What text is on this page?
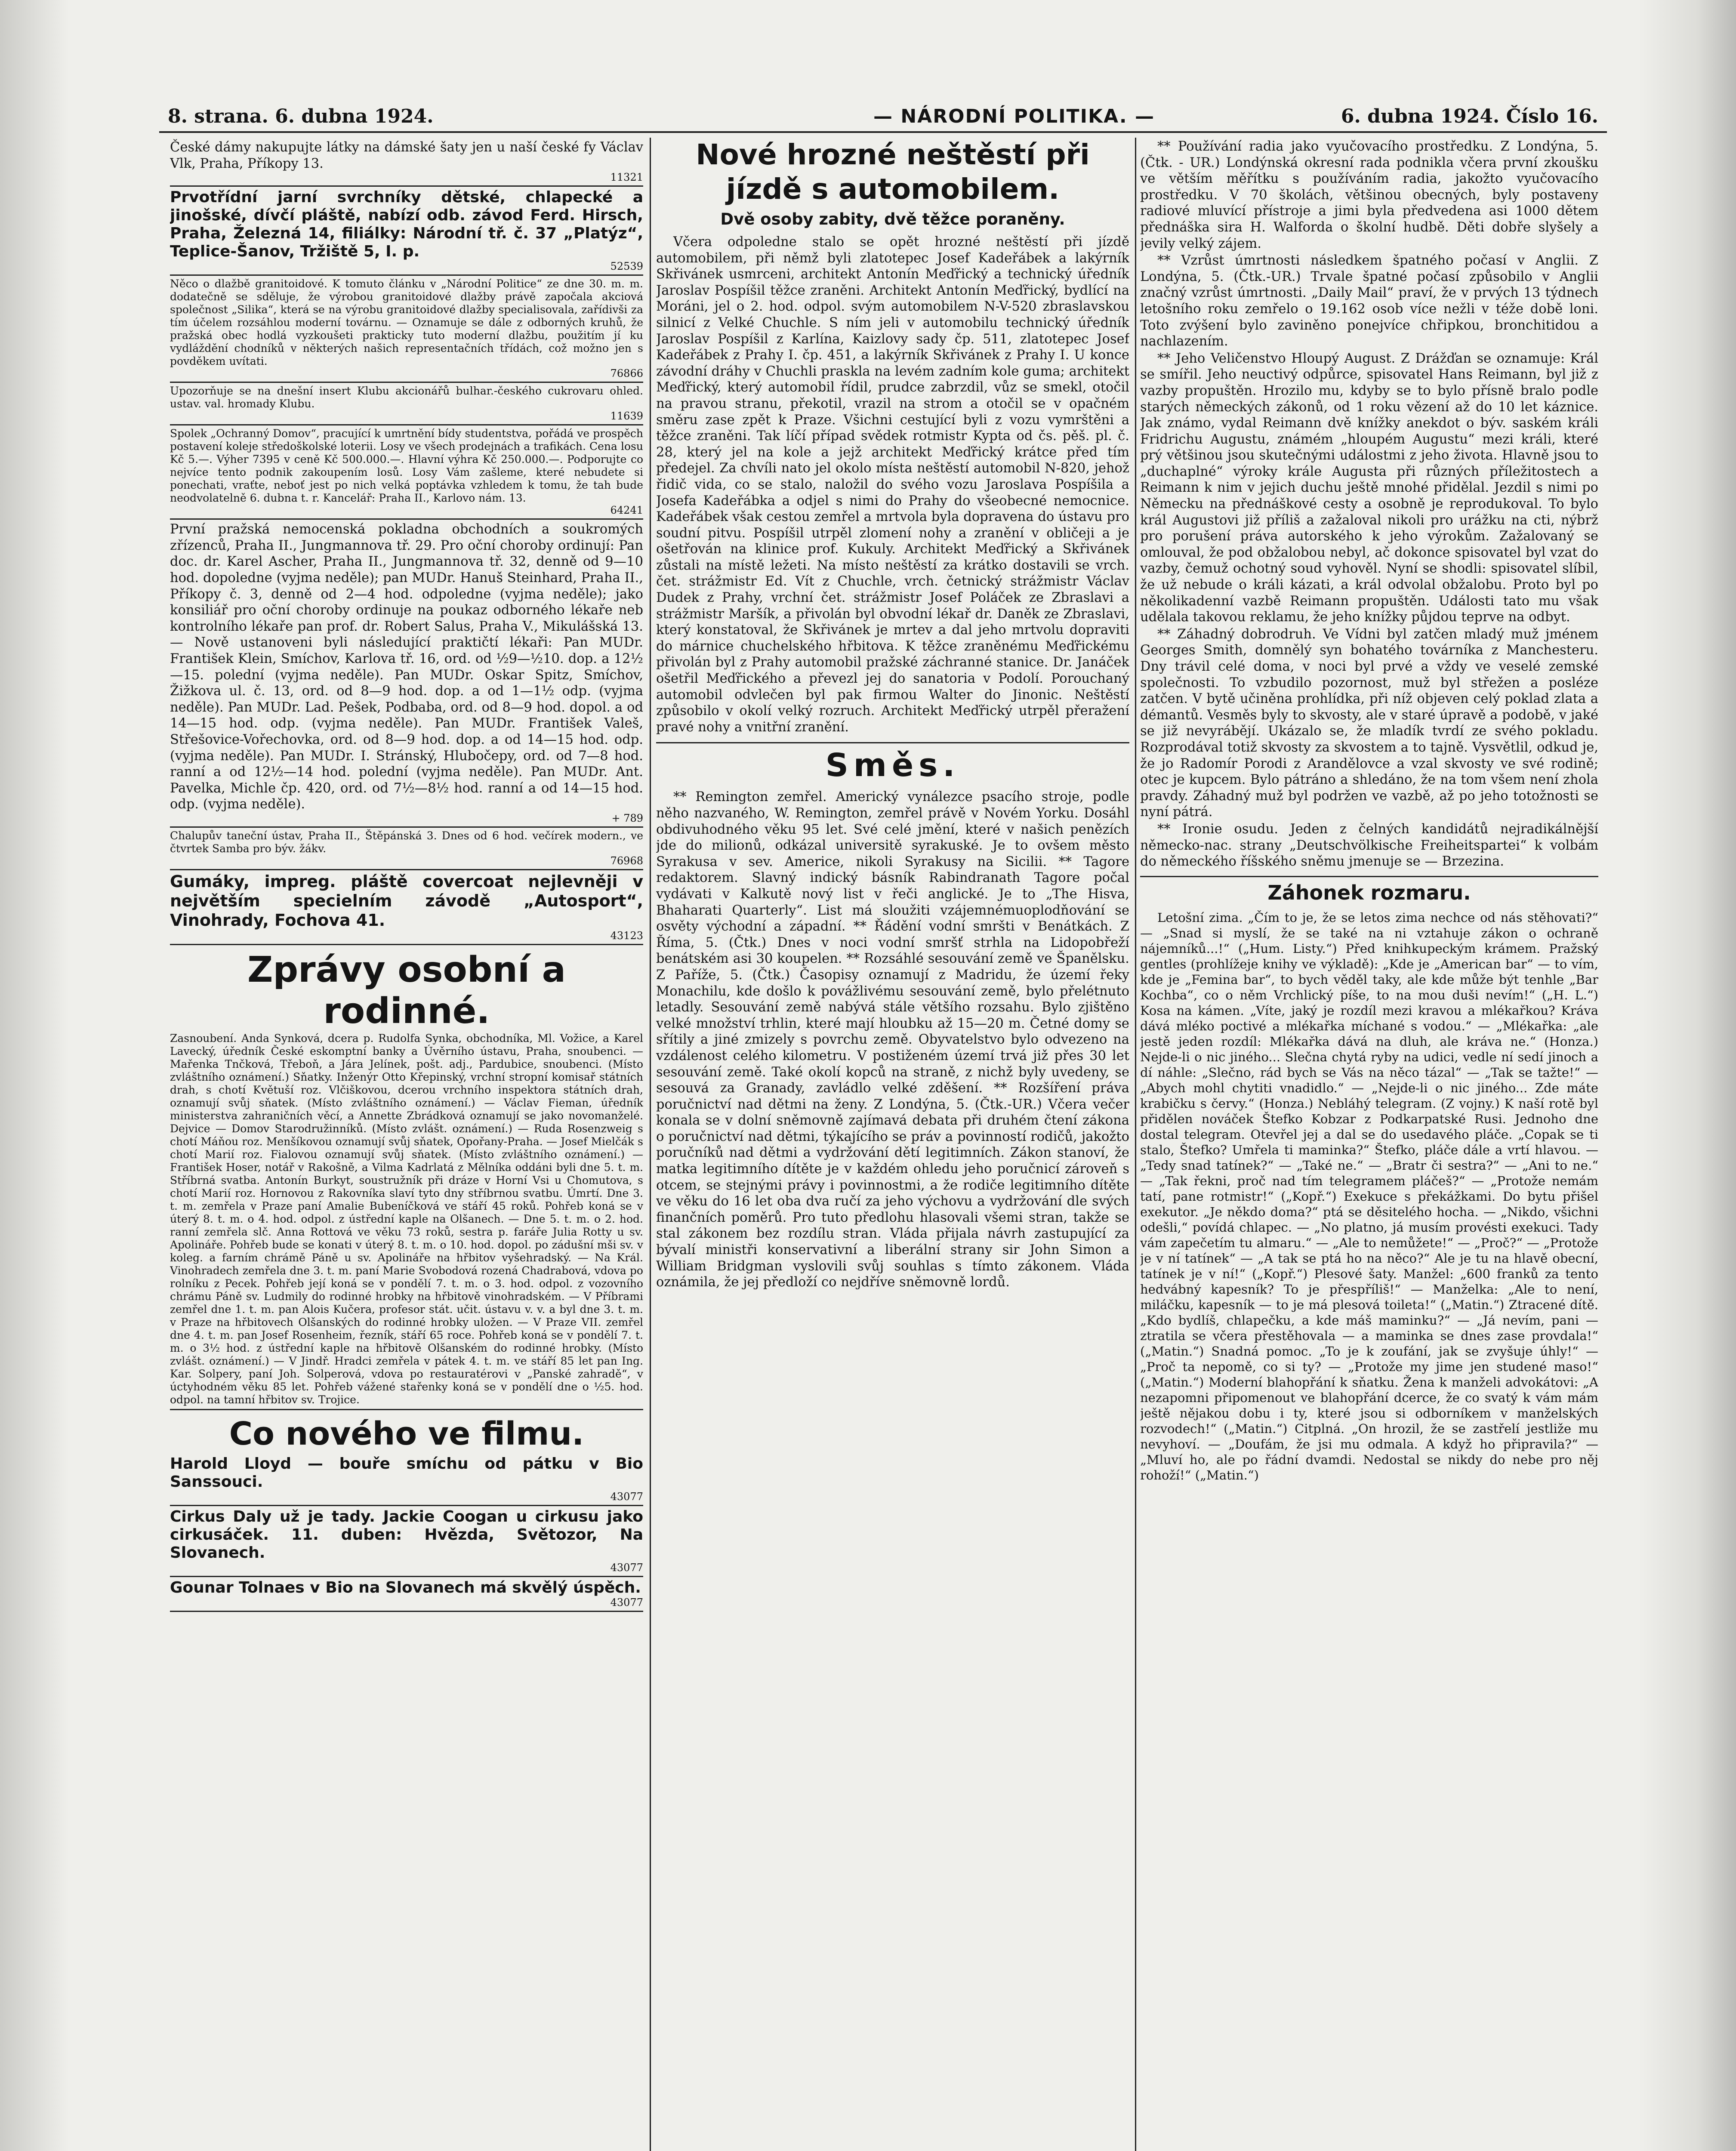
8. strana. 6. dubna 1924.	— NÁRODNÍ POLITIKA. —	6. dubna 1924. Číslo 16.

České dámy nakupujte látky na dámské šaty jen u naší české fy Václav Vlk, Praha, Příkopy 13.

11321

Prvotřídní jarní svrchníky dětské, chlapecké a jinošské, dívčí pláště, nabízí odb. závod Ferd. Hirsch, Praha, Železná 14, filiálky: Národní tř. č. 37 „Platýz“, Teplice-Šanov, Tržiště 5, I. p.

52539

Něco o dlažbě granitoidové. K tomuto článku v „Národní Politice“ ze dne 30. m. m. dodatečně se sděluje, že výrobou granitoidové dlažby právě započala akciová společnost „Silika“, která se na výrobu granitoidové dlažby specialisovala, zařídivši za tím účelem rozsáhlou moderní továrnu. — Oznamuje se dále z odborných kruhů, že pražská obec hodlá vyzkoušeti prakticky tuto moderní dlažbu, použitím jí ku vydláždění chodníků v některých našich representačních třídách, což možno jen s povděkem uvítati.

76866

Upozorňuje se na dnešní insert Klubu akcionářů bulhar.-českého cukrovaru ohled. ustav. val. hromady Klubu.

11639

Spolek „Ochranný Domov“, pracující k umrtnění bídy studentstva, pořádá ve prospěch postavení koleje středoškolské loterii. Losy ve všech prodejnách a trafikách. Cena losu Kč 5.—. Výher 7395 v ceně Kč 500.000.—. Hlavní výhra Kč 250.000.—. Podporujte co nejvíce tento podnik zakoupením losů. Losy Vám zašleme, které nebudete si ponechati, vraťte, neboť jest po nich velká poptávka vzhledem k tomu, že tah bude neodvolatelně 6. dubna t. r. Kancelář: Praha II., Karlovo nám. 13.

64241

První pražská nemocenská pokladna obchodních a soukromých zřízenců, Praha II., Jungmannova tř. 29. Pro oční choroby ordinují: Pan doc. dr. Karel Ascher, Praha II., Jungmannova tř. 32, denně od 9—10 hod. dopoledne (vyjma neděle); pan MUDr. Hanuš Steinhard, Praha II., Příkopy č. 3, denně od 2—4 hod. odpoledne (vyjma neděle); jako konsiliář pro oční choroby ordinuje na poukaz odborného lékaře neb kontrolního lékaře pan prof. dr. Robert Salus, Praha V., Mikulášská 13. — Nově ustanoveni byli následující praktičtí lékaři: Pan MUDr. František Klein, Smíchov, Karlova tř. 16, ord. od ½9—½10. dop. a 12½—15. polední (vyjma neděle). Pan MUDr. Oskar Spitz, Smíchov, Žižkova ul. č. 13, ord. od 8—9 hod. dop. a od 1—1½ odp. (vyjma neděle). Pan MUDr. Lad. Pešek, Podbaba, ord. od 8—9 hod. dopol. a od 14—15 hod. odp. (vyjma neděle). Pan MUDr. František Valeš, Střešovice-Vořechovka, ord. od 8—9 hod. dop. a od 14—15 hod. odp. (vyjma neděle). Pan MUDr. I. Stránský, Hlubočepy, ord. od 7—8 hod. ranní a od 12½—14 hod. polední (vyjma neděle). Pan MUDr. Ant. Pavelka, Michle čp. 420, ord. od 7½—8½ hod. ranní a od 14—15 hod. odp. (vyjma neděle).

+ 789

Chalupův taneční ústav, Praha II., Štěpánská 3. Dnes od 6 hod. večírek modern., ve čtvrtek Samba pro býv. žákv.

76968

Gumáky, impreg. pláště covercoat nejlevněji v největším specielním závodě „Autosport“, Vinohrady, Fochova 41.

43123
Zprávy osobní a rodinné.

Zasnoubení. Anda Synková, dcera p. Rudolfa Synka, obchodníka, Ml. Vožice, a Karel Lavecký, úředník České eskomptní banky a Úvěrního ústavu, Praha, snoubenci. — Mařenka Tnčková, Třeboň, a Jára Jelínek, pošt. adj., Pardubice, snoubenci. (Místo zvláštního oznámení.) Sňatky. Inženýr Otto Křepinský, vrchní stropní komisař státních drah, s chotí Květuší roz. Vlčiškovou, dcerou vrchního inspektora státních drah, oznamují svůj sňatek. (Místo zvláštního oznámení.) — Václav Fieman, úředník ministerstva zahraničních věcí, a Annette Zbrádková oznamují se jako novomanželé. Dejvice — Domov Starodružinníků. (Místo zvlášt. oznámení.) — Ruda Rosenzweig s chotí Máňou roz. Menšíkovou oznamují svůj sňatek, Opořany-Praha. — Josef Mielčák s chotí Marií roz. Fialovou oznamují svůj sňatek. (Místo zvláštního oznámení.) — František Hoser, notář v Rakošně, a Vilma Kadrlatá z Mělníka oddáni byli dne 5. t. m. Stříbrná svatba. Antonín Burkyt, soustružník při dráze v Horní Vsi u Chomutova, s chotí Marií roz. Hornovou z Rakovníka slaví tyto dny stříbrnou svatbu. Úmrtí. Dne 3. t. m. zemřela v Praze paní Amalie Bubeníčková ve stáří 45 roků. Pohřeb koná se v úterý 8. t. m. o 4. hod. odpol. z ústřední kaple na Olšanech. — Dne 5. t. m. o 2. hod. ranní zemřela slč. Anna Rottová ve věku 73 roků, sestra p. faráře Julia Rotty u sv. Apolináře. Pohřeb bude se konati v úterý 8. t. m. o 10. hod. dopol. po zádušní mši sv. v koleg. a farním chrámě Páně u sv. Apolináře na hřbitov vyšehradský. — Na Král. Vinohradech zemřela dne 3. t. m. paní Marie Svobodová rozená Chadrabová, vdova po rolníku z Pecek. Pohřeb její koná se v pondělí 7. t. m. o 3. hod. odpol. z vozovního chrámu Páně sv. Ludmily do rodinné hrobky na hřbitově vinohradském. — V Příbrami zemřel dne 1. t. m. pan Alois Kučera, profesor stát. učit. ústavu v. v. a byl dne 3. t. m. v Praze na hřbitovech Olšanských do rodinné hrobky uložen. — V Praze VII. zemřel dne 4. t. m. pan Josef Rosenheim, řezník, stáří 65 roce. Pohřeb koná se v pondělí 7. t. m. o 3½ hod. z ústřední kaple na hřbitově Olšanském do rodinné hrobky. (Místo zvlášt. oznámení.) — V Jindř. Hradci zemřela v pátek 4. t. m. ve stáří 85 let pan Ing. Kar. Solpery, paní Joh. Solperová, vdova po restauratérovi v „Panské zahradě“, v úctyhodném věku 85 let. Pohřeb vážené stařenky koná se v pondělí dne o ½5. hod. odpol. na tamní hřbitov sv. Trojice.

Co nového ve filmu.

Harold Lloyd — bouře smíchu od pátku v Bio Sanssouci.

43077

Cirkus Daly už je tady. Jackie Coogan u cirkusu jako cirkusáček. 11. duben: Hvězda, Světozor, Na Slovanech.

43077

Gounar Tolnaes v Bio na Slovanech má skvělý úspěch.

43077
Nové hrozné neštěstí při jízdě s automobilem.
Dvě osoby zabity, dvě těžce poraněny.

Včera odpoledne stalo se opět hrozné neštěstí při jízdě automobilem, při němž byli zlatotepec Josef Kadeřábek a lakýrník Skřivánek usmrceni, architekt Antonín Meďřický a technický úředník Jaroslav Pospíšil těžce zraněni. Architekt Antonín Meďřický, bydlící na Moráni, jel o 2. hod. odpol. svým automobilem N-V-520 zbraslavskou silnicí z Velké Chuchle. S ním jeli v automobilu technický úředník Jaroslav Pospíšil z Karlína, Kaizlovy sady čp. 511, zlatotepec Josef Kadeřábek z Prahy I. čp. 451, a lakýrník Skřivánek z Prahy I. U konce závodní dráhy v Chuchli praskla na levém zadním kole guma; architekt Meďřický, který automobil řídil, prudce zabrzdil, vůz se smekl, otočil na pravou stranu, překotil, vrazil na strom a otočil se v opačném směru zase zpět k Praze. Všichni cestující byli z vozu vymrštěni a těžce zraněni. Tak líčí případ svědek rotmistr Kypta od čs. pěš. pl. č. 28, který jel na kole a jejž architekt Meďřický krátce před tím předejel. Za chvíli nato jel okolo místa neštěstí automobil N-820, jehož řidič vida, co se stalo, naložil do svého vozu Jaroslava Pospíšila a Josefa Kadeřábka a odjel s nimi do Prahy do všeobecné nemocnice. Kadeřábek však cestou zemřel a mrtvola byla dopravena do ústavu pro soudní pitvu. Pospíšil utrpěl zlomení nohy a zranění v obličeji a je ošetřován na klinice prof. Kukuly. Architekt Meďřický a Skřivánek zůstali na místě ležeti. Na místo neštěstí za krátko dostavili se vrch. čet. strážmistr Ed. Vít z Chuchle, vrch. četnický strážmistr Václav Dudek z Prahy, vrchní čet. strážmistr Josef Poláček ze Zbraslavi a strážmistr Maršík, a přivolán byl obvodní lékař dr. Daněk ze Zbraslavi, který konstatoval, že Skřivánek je mrtev a dal jeho mrtvolu dopraviti do márnice chuchelského hřbitova. K těžce zraněnému Meďřickému přivolán byl z Prahy automobil pražské záchranné stanice. Dr. Janáček ošetřil Meďřického a převezl jej do sanatoria v Podolí. Porouchaný automobil odvlečen byl pak firmou Walter do Jinonic. Neštěstí způsobilo v okolí velký rozruch. Architekt Meďřický utrpěl přeražení pravé nohy a vnitřní zranění.

Směs.

** Remington zemřel. Americký vynálezce psacího stroje, podle něho nazvaného, W. Remington, zemřel právě v Novém Yorku. Dosáhl obdivuhodného věku 95 let. Své celé jmění, které v našich penězích jde do milionů, odkázal universitě syrakuské. Je to ovšem město Syrakusa v sev. Americe, nikoli Syrakusy na Sicilii. ** Tagore redaktorem. Slavný indický básník Rabindranath Tagore počal vydávati v Kalkutě nový list v řeči anglické. Je to „The Hisva, Bhaharati Quarterly“. List má sloužiti vzájemnémuoplodňování se osvěty východní a západní. ** Řádění vodní smršti v Benátkách. Z Říma, 5. (Čtk.) Dnes v noci vodní smršť strhla na Lidopobřeží benátském asi 30 koupelen. ** Rozsáhlé sesouvání země ve Španělsku. Z Paříže, 5. (Čtk.) Časopisy oznamují z Madridu, že území řeky Monachilu, kde došlo k povážlivému sesouvání země, bylo přelétnuto letadly. Sesouvání země nabývá stále většího rozsahu. Bylo zjištěno velké množství trhlin, které mají hloubku až 15—20 m. Četné domy se sřítily a jiné zmizely s povrchu země. Obyvatelstvo bylo odvezeno na vzdálenost celého kilometru. V postiženém území trvá již přes 30 let sesouvání země. Také okolí kopců na straně, z nichž byly uvedeny, se sesouvá za Granady, zavládlo velké zděšení. ** Rozšíření práva poručnictví nad dětmi na ženy. Z Londýna, 5. (Čtk.-UR.) Včera večer konala se v dolní sněmovně zajímavá debata při druhém čtení zákona o poručnictví nad dětmi, týkajícího se práv a povinností rodičů, jakožto poručníků nad dětmi a vydržování dětí legitimních. Zákon stanoví, že matka legitimního dítěte je v každém ohledu jeho poručnicí zároveň s otcem, se stejnými právy i povinnostmi, a že rodiče legitimního dítěte ve věku do 16 let oba dva ručí za jeho výchovu a vydržování dle svých finančních poměrů. Pro tuto předlohu hlasovali všemi stran, takže se stal zákonem bez rozdílu stran. Vláda přijala návrh zastupující za bývalí ministři konservativní a liberální strany sir John Simon a William Bridgman vyslovili svůj souhlas s tímto zákonem. Vláda oznámila, že jej předloží co nejdříve sněmovně lordů.

** Používání radia jako vyučovacího prostředku. Z Londýna, 5. (Čtk. - UR.) Londýnská okresní rada podnikla včera první zkoušku ve větším měřítku s používáním radia, jakožto vyučovacího prostředku. V 70 školách, většinou obecných, byly postaveny radiové mluvící přístroje a jimi byla předvedena asi 1000 dětem přednáška sira H. Walforda o školní hudbě. Děti dobře slyšely a jevily velký zájem.

** Vzrůst úmrtnosti následkem špatného počasí v Anglii. Z Londýna, 5. (Čtk.-UR.) Trvale špatné počasí způsobilo v Anglii značný vzrůst úmrtnosti. „Daily Mail“ praví, že v prvých 13 týdnech letošního roku zemřelo o 19.162 osob více nežli v téže době loni. Toto zvýšení bylo zaviněno ponejvíce chřipkou, bronchitidou a nachlazením.

** Jeho Veličenstvo Hloupý August. Z Drážďan se oznamuje: Král se smířil. Jeho neuctivý odpůrce, spisovatel Hans Reimann, byl již z vazby propuštěn. Hrozilo mu, kdyby se to bylo přísně bralo podle starých německých zákonů, od 1 roku vězení až do 10 let káznice. Jak známo, vydal Reimann dvě knížky anekdot o býv. saském králi Fridrichu Augustu, známém „hloupém Augustu“ mezi králi, které prý většinou jsou skutečnými událostmi z jeho života. Hlavně jsou to „duchaplné“ výroky krále Augusta při různých příležitostech a Reimann k nim v jejich duchu ještě mnohé přidělal. Jezdil s nimi po Německu na přednáškové cesty a osobně je reprodukoval. To bylo král Augustovi již příliš a zažaloval nikoli pro urážku na cti, nýbrž pro porušení práva autorského k jeho výrokům. Zažalovaný se omlouval, že pod obžalobou nebyl, ač dokonce spisovatel byl vzat do vazby, čemuž ochotný soud vyhověl. Nyní se shodli: spisovatel slíbil, že už nebude o králi kázati, a král odvolal obžalobu. Proto byl po několikadenní vazbě Reimann propuštěn. Události tato mu však udělala takovou reklamu, že jeho knížky půjdou teprve na odbyt.

** Záhadný dobrodruh. Ve Vídni byl zatčen mladý muž jménem Georges Smith, domnělý syn bohatého továrníka z Manchesteru. Dny trávil celé doma, v noci byl prvé a vždy ve veselé zemské společnosti. To vzbudilo pozornost, muž byl střežen a posléze zatčen. V bytě učiněna prohlídka, při níž objeven celý poklad zlata a démantů. Vesměs byly to skvosty, ale v staré úpravě a podobě, v jaké se již nevyrábějí. Ukázalo se, že mladík tvrdí ze svého pokladu. Rozprodával totiž skvosty za skvostem a to tajně. Vysvětlil, odkud je, že jo Radomír Porodi z Arandělovce a vzal skvosty ve své rodině; otec je kupcem. Bylo pátráno a shledáno, že na tom všem není zhola pravdy. Záhadný muž byl podržen ve vazbě, až po jeho totožnosti se nyní pátrá.

** Ironie osudu. Jeden z čelných kandidátů nejradikálnější německo-nac. strany „Deutschvölkische Freiheitspartei“ k volbám do německého říšského sněmu jmenuje se — Brzezina.

Záhonek rozmaru.

Letošní zima. „Čím to je, že se letos zima nechce od nás stěhovati?“ — „Snad si myslí, že se také na ni vztahuje zákon o ochraně nájemníků...!“ („Hum. Listy.“) Před knihkupeckým krámem. Pražský gentles (prohlížeje knihy ve výkladě): „Kde je „American bar“ — to vím, kde je „Femina bar“, to bych věděl taky, ale kde může být tenhle „Bar Kochba“, co o něm Vrchlický píše, to na mou duši nevím!“ („H. L.“) Kosa na kámen. „Víte, jaký je rozdíl mezi kravou a mlékařkou? Kráva dává mléko poctivé a mlékařka míchané s vodou.“ — „Mlékařka: „ale jestě jeden rozdíl: Mlékařka dává na dluh, ale kráva ne.“ (Honza.) Nejde-li o nic jiného... Slečna chytá ryby na udici, vedle ní sedí jinoch a dí náhle: „Slečno, rád bych se Vás na něco tázal“ — „Tak se tažte!“ — „Abych mohl chytiti vnadidlo.“ — „Nejde-li o nic jiného... Zde máte krabičku s červy.“ (Honza.) Nebláhý telegram. (Z vojny.) K naší rotě byl přidělen nováček Štefko Kobzar z Podkarpatské Rusi. Jednoho dne dostal telegram. Otevřel jej a dal se do usedavého pláče. „Copak se ti stalo, Štefko? Umřela ti maminka?“ Štefko, pláče dále a vrtí hlavou. — „Tedy snad tatínek?“ — „Také ne.“ — „Bratr či sestra?“ — „Ani to ne.“ — „Tak řekni, proč nad tím telegramem pláčeš?“ — „Protože nemám tatí, pane rotmistr!“ („Kopř.“) Exekuce s překážkami. Do bytu přišel exekutor. „Je někdo doma?“ ptá se děsitelého hocha. — „Nikdo, všichni odešli,“ povídá chlapec. — „No platno, já musím provésti exekuci. Tady vám zapečetím tu almaru.“ — „Ale to nemůžete!“ — „Proč?“ — „Protože je v ní tatínek“ — „A tak se ptá ho na něco?“ Ale je tu na hlavě obecní, tatínek je v ní!“ („Kopř.“) Plesové šaty. Manžel: „600 franků za tento hedvábný kapesník? To je přespříliš!“ — Manželka: „Ale to není, miláčku, kapesník — to je má plesová toileta!“ („Matin.“) Ztracené dítě. „Kdo bydlíš, chlapečku, a kde máš maminku?“ — „Já nevím, pani — ztratila se včera přestěhovala — a maminka se dnes zase provdala!“ („Matin.“) Snadná pomoc. „To je k zoufání, jak se zvyšuje úhly!“ — „Proč ta nepomě, co si ty? — „Protože my jime jen studené maso!“ („Matin.“) Moderní blahopřání k sňatku. Žena k manželi advokátovi: „A nezapomni připomenout ve blahopřání dcerce, že co svatý k vám mám ještě nějakou dobu i ty, které jsou si odborníkem v manželských rozvodech!“ („Matin.“) Citplná. „On hrozil, že se zastřelí jestliže mu nevyhoví. — „Doufám, že jsi mu odmala. A když ho připravila?“ — „Mluví ho, ale po řádní dvamdi. Nedostal se nikdy do nebe pro něj rohoží!“ („Matin.“)
